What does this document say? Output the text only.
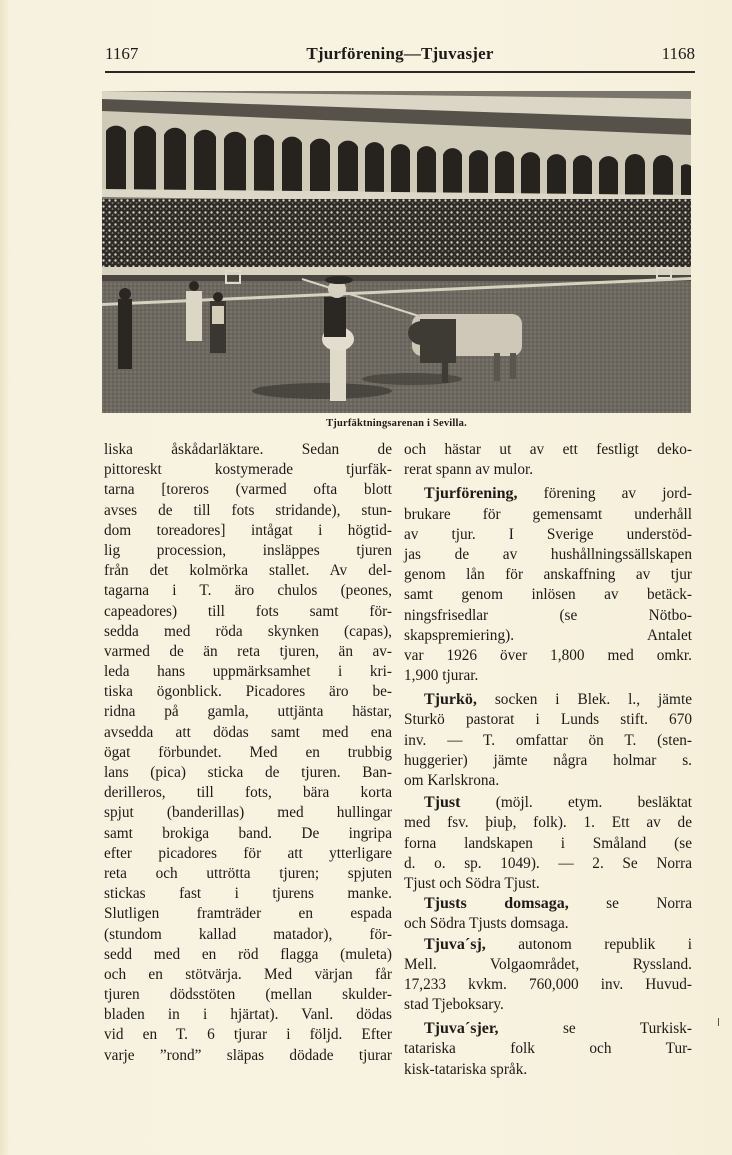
1167	Tjurförening—Tjuvasjer	1168
Tjurfäktningsarenan i Sevilla.
liska åskådarläktare. Sedan de
pittoreskt kostymerade tjurfäk-
tarna [toreros (varmed ofta blott
avses de till fots stridande), stun-
dom toreadores] intågat i högtid-
lig procession, insläppes tjuren
från det kolmörka stallet. Av del-
tagarna i T. äro chulos (peones,
capeadores) till fots samt för-
sedda med röda skynken (capas),
varmed de än reta tjuren, än av-
leda hans uppmärksamhet i kri-
tiska ögonblick. Picadores äro be-
ridna på gamla, uttjänta hästar,
avsedda att dödas samt med ena
ögat förbundet. Med en trubbig
lans (pica) sticka de tjuren. Ban-
derilleros, till fots, bära korta
spjut (banderillas) med hullingar
samt brokiga band. De ingripa
efter picadores för att ytterligare
reta och uttrötta tjuren; spjuten
stickas fast i tjurens manke.
Slutligen framträder en espada
(stundom kallad matador), för-
sedd med en röd flagga (muleta)
och en stötvärja. Med värjan får
tjuren dödsstöten (mellan skulder-
bladen in i hjärtat). Vanl. dödas
vid en T. 6 tjurar i följd. Efter
varje ”rond” släpas dödade tjurar
och hästar ut av ett festligt deko-
rerat spann av mulor.
Tjurförening, förening av jord-
brukare för gemensamt underhåll
av tjur. I Sverige understöd-
jas de av hushållningssällskapen
genom lån för anskaffning av tjur
samt genom inlösen av betäck-
ningsfrisedlar (se Nötbo-
skapspremiering). Antalet
var 1926 över 1,800 med omkr.
1,900 tjurar.
Tjurkö, socken i Blek. l., jämte
Sturkö pastorat i Lunds stift. 670
inv. — T. omfattar ön T. (sten-
huggerier) jämte några holmar s.
om Karlskrona.
Tjust (möjl. etym. besläktat
med fsv. þiuþ, folk). 1. Ett av de
forna landskapen i Småland (se
d. o. sp. 1049). — 2. Se Norra
Tjust och Södra Tjust.
Tjusts domsaga, se Norra
och Södra Tjusts domsaga.
Tjuva´sj, autonom republik i
Mell. Volgaområdet, Ryssland.
17,233 kvkm. 760,000 inv. Huvud-
stad Tjeboksary.
Tjuva´sjer,	se Turkisk-
tatariska folk och Tur-
kisk-tatariska språk.
